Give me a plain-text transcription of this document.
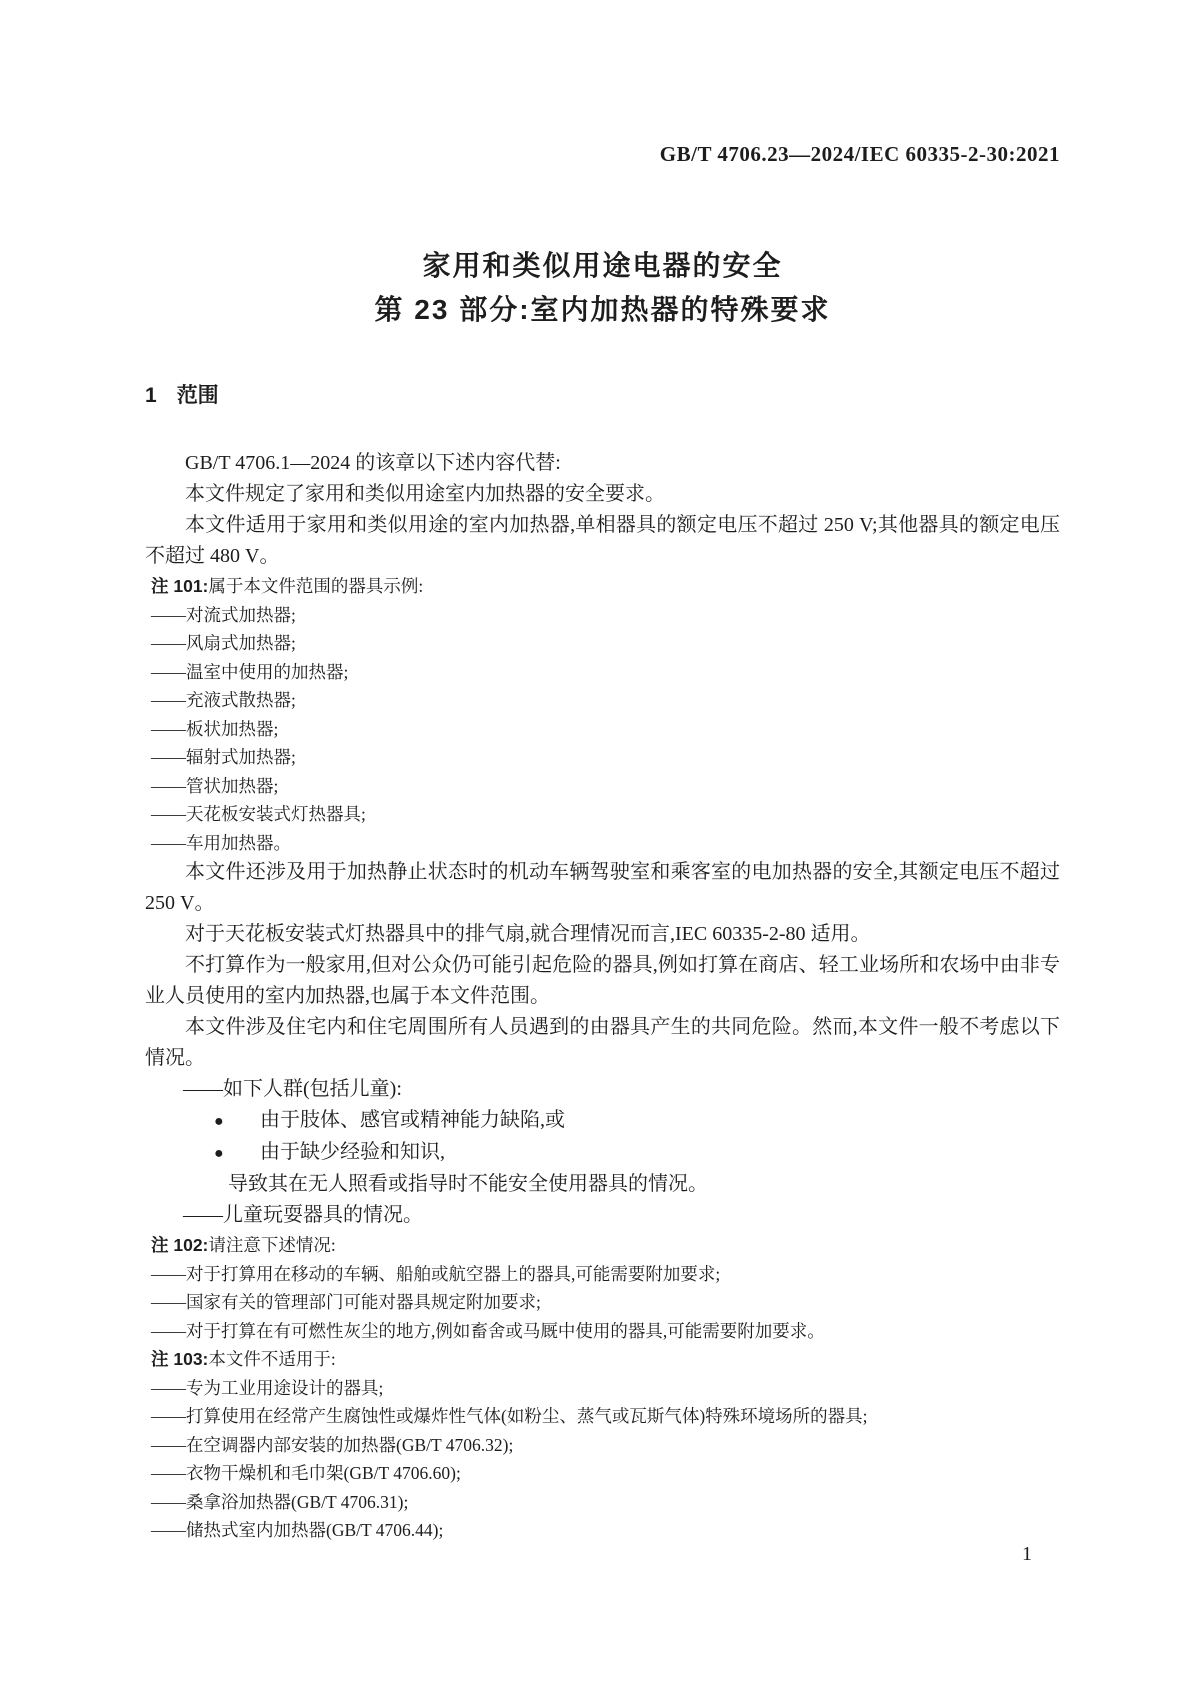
GB/T 4706.23—2024/IEC 60335-2-30:2021
家用和类似用途电器的安全
第 23 部分:室内加热器的特殊要求
1 范围

GB/T 4706.1—2024 的该章以下述内容代替:

本文件规定了家用和类似用途室内加热器的安全要求。

本文件适用于家用和类似用途的室内加热器,单相器具的额定电压不超过 250 V;其他器具的额定电压不超过 480 V。

注 101:属于本文件范围的器具示例:
——对流式加热器;
——风扇式加热器;
——温室中使用的加热器;
——充液式散热器;
——板状加热器;
——辐射式加热器;
——管状加热器;
——天花板安装式灯热器具;
——车用加热器。

本文件还涉及用于加热静止状态时的机动车辆驾驶室和乘客室的电加热器的安全,其额定电压不超过 250 V。

对于天花板安装式灯热器具中的排气扇,就合理情况而言,IEC 60335-2-80 适用。

不打算作为一般家用,但对公众仍可能引起危险的器具,例如打算在商店、轻工业场所和农场中由非专业人员使用的室内加热器,也属于本文件范围。

本文件涉及住宅内和住宅周围所有人员遇到的由器具产生的共同危险。然而,本文件一般不考虑以下情况。

——如下人群(包括儿童):

● 由于肢体、感官或精神能力缺陷,或
● 由于缺少经验和知识,

导致其在无人照看或指导时不能安全使用器具的情况。

——儿童玩耍器具的情况。

注 102:请注意下述情况:
——对于打算用在移动的车辆、船舶或航空器上的器具,可能需要附加要求;
——国家有关的管理部门可能对器具规定附加要求;
——对于打算在有可燃性灰尘的地方,例如畜舍或马厩中使用的器具,可能需要附加要求。
注 103:本文件不适用于:
——专为工业用途设计的器具;
——打算使用在经常产生腐蚀性或爆炸性气体(如粉尘、蒸气或瓦斯气体)特殊环境场所的器具;
——在空调器内部安装的加热器(GB/T 4706.32);
——衣物干燥机和毛巾架(GB/T 4706.60);
——桑拿浴加热器(GB/T 4706.31);
——储热式室内加热器(GB/T 4706.44);
1
